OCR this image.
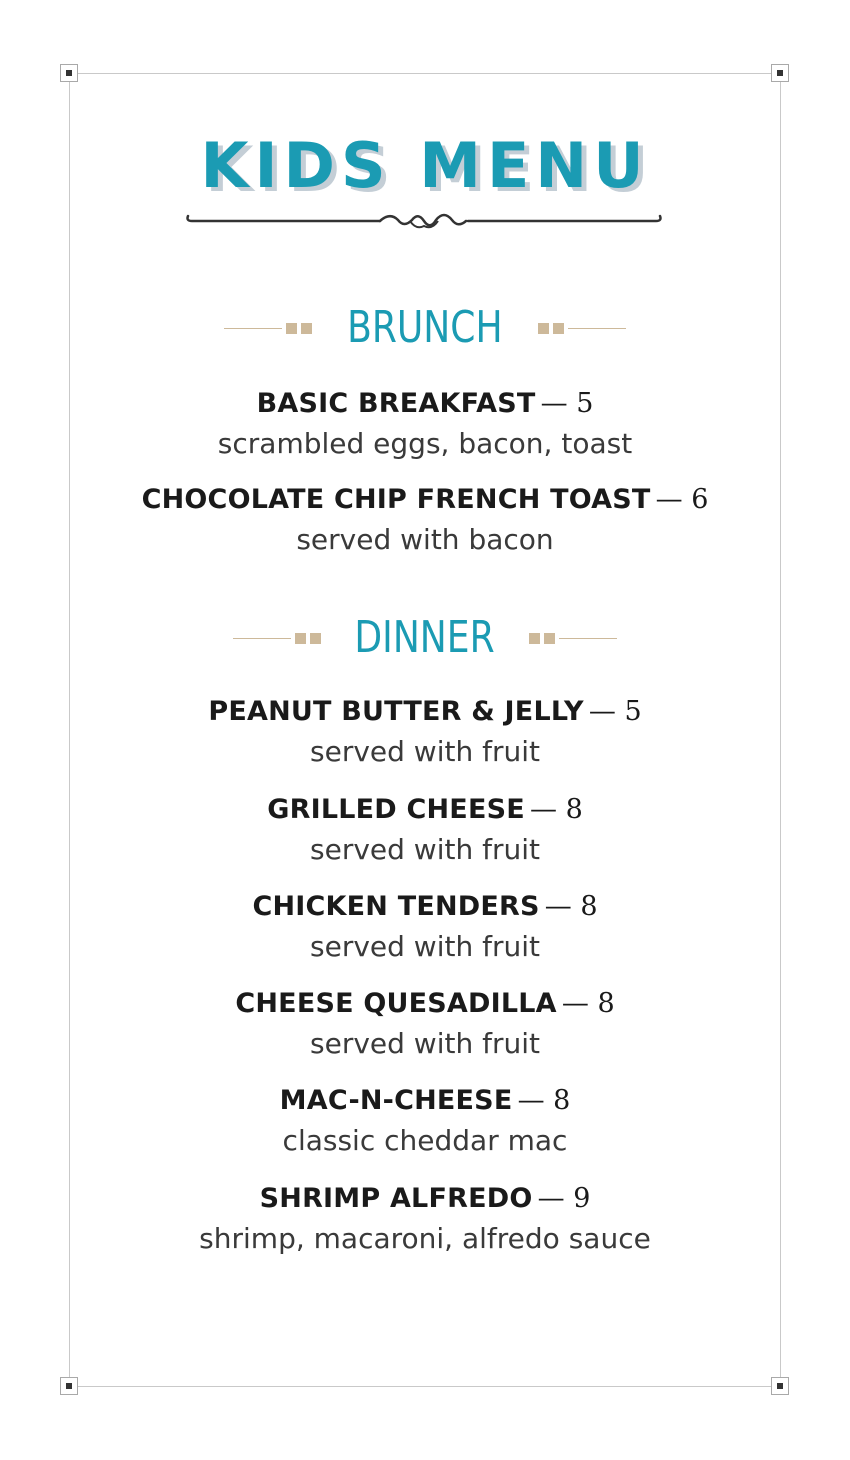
KIDS MENU
BRUNCH
BASIC BREAKFAST — 5
scrambled eggs, bacon, toast
CHOCOLATE CHIP FRENCH TOAST — 6
served with bacon
DINNER
PEANUT BUTTER & JELLY — 5
served with fruit
GRILLED CHEESE — 8
served with fruit
CHICKEN TENDERS — 8
served with fruit
CHEESE QUESADILLA — 8
served with fruit
MAC-N-CHEESE — 8
classic cheddar mac
SHRIMP ALFREDO — 9
shrimp, macaroni, alfredo sauce
